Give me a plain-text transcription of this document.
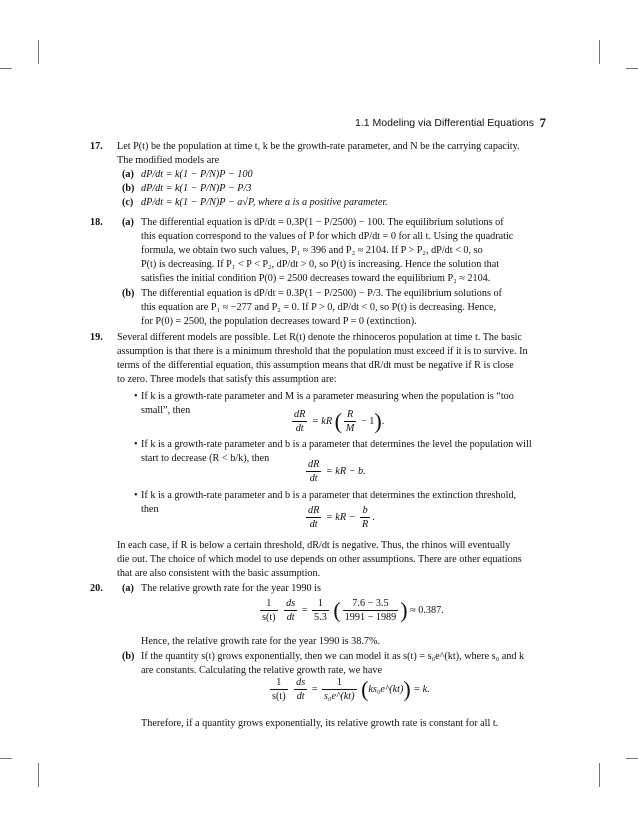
1.1 Modeling via Differential Equations 7
17. Let P(t) be the population at time t, k be the growth-rate parameter, and N be the carrying capacity.
The modified models are
(a) dP/dt = k(1 − P/N)P − 100
(b) dP/dt = k(1 − P/N)P − P/3
(c) dP/dt = k(1 − P/N)P − a√P, where a is a positive parameter.
18. (a) The differential equation is dP/dt = 0.3P(1 − P/2500) − 100. The equilibrium solutions of
this equation correspond to the values of P for which dP/dt = 0 for all t. Using the quadratic
formula, we obtain two such values, P₁ ≈ 396 and P₂ ≈ 2104. If P > P₂, dP/dt < 0, so
P(t) is decreasing. If P₁ < P < P₂, dP/dt > 0, so P(t) is increasing. Hence the solution that
satisfies the initial condition P(0) = 2500 decreases toward the equilibrium P₂ ≈ 2104.
(b) The differential equation is dP/dt = 0.3P(1 − P/2500) − P/3. The equilibrium solutions of
this equation are P₁ ≈ −277 and P₂ = 0. If P > 0, dP/dt < 0, so P(t) is decreasing. Hence,
for P(0) = 2500, the population decreases toward P = 0 (extinction).
19. Several different models are possible. Let R(t) denote the rhinoceros population at time t. The basic
assumption is that there is a minimum threshold that the population must exceed if it is to survive. In
terms of the differential equation, this assumption means that dR/dt must be negative if R is close
to zero. Three models that satisfy this assumption are:
• If k is a growth-rate parameter and M is a parameter measuring when the population is “too
small”, then	$\frac{dR}{dt}$ = kR ( $\frac{R}{M} - 1$).
• If k is a growth-rate parameter and b is a parameter that determines the level the population will
start to decrease (R < b/k), then	$\frac{dR}{dt}$ = kR − b.
• If k is a growth-rate parameter and b is a parameter that determines the extinction threshold,
then	$\frac{dR}{dt}$ = kR − $\frac{b}{R}$ .
In each case, if R is below a certain threshold, dR/dt is negative. Thus, the rhinos will eventually
die out. The choice of which model to use depends on other assumptions. There are other equations
that are also consistent with the basic assumption.
20. (a) The relative growth rate for the year 1990 is
$\frac{1}{s(t)}$
$\frac{ds}{dt} = \frac{1}{5.3}$ ( $\frac{7.6 - 3.5}{1991 - 1989}$ ) ≈ 0.387.
Hence, the relative growth rate for the year 1990 is 38.7%.
(b) If the quantity s(t) grows exponentially, then we can model it as s(t) = s₀e^(kt), where s₀ and k
are constants. Calculating the relative growth rate, we have
$\frac{1}{s(t)}$
$\frac{ds}{dt} = \frac{1}{\text{s₀e\textasciicircum{}(kt)}}$ (ks₀e^(kt)) = k.
Therefore, if a quantity grows exponentially, its relative growth rate is constant for all t.
